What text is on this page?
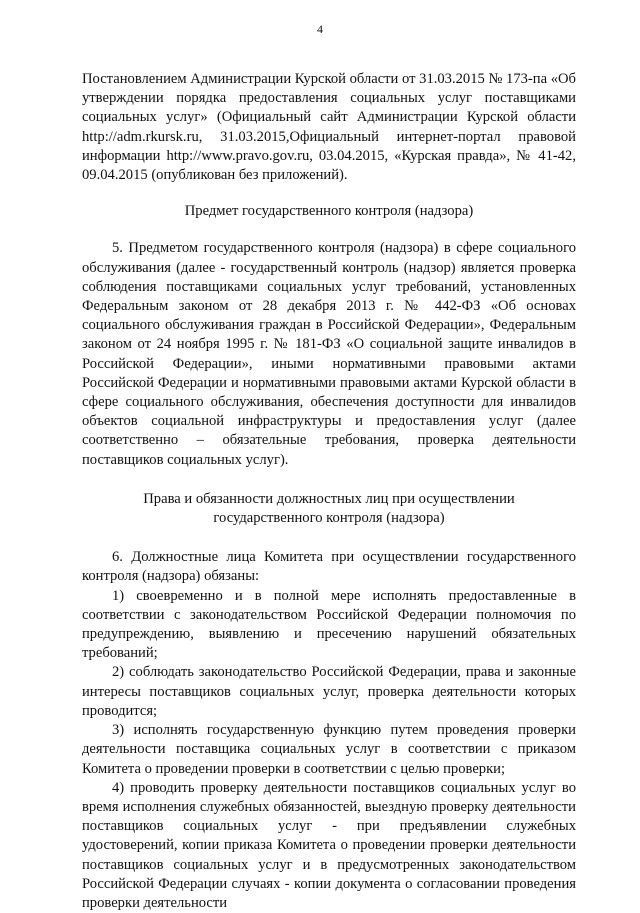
4

Постановлением Администрации Курской области от 31.03.2015 № 173-па «Об утверждении порядка предоставления социальных услуг поставщиками социальных услуг» (Официальный сайт Администрации Курской области http://adm.rkursk.ru, 31.03.2015,Официальный интернет-портал правовой информации http://www.pravo.gov.ru, 03.04.2015, «Курская правда», № 41-42, 09.04.2015 (опубликован без приложений).

Предмет государственного контроля (надзора)

5. Предметом государственного контроля (надзора) в сфере социального обслуживания (далее - государственный контроль (надзор) является проверка соблюдения поставщиками социальных услуг требований, установленных Федеральным законом от 28 декабря 2013 г. № 442-ФЗ «Об основах социального обслуживания граждан в Российской Федерации», Федеральным законом от 24 ноября 1995 г. № 181-ФЗ «О социальной защите инвалидов в Российской Федерации», иными нормативными правовыми актами Российской Федерации и нормативными правовыми актами Курской области в сфере социального обслуживания, обеспечения доступности для инвалидов объектов социальной инфраструктуры и предоставления услуг (далее соответственно – обязательные требования, проверка деятельности поставщиков социальных услуг).

Права и обязанности должностных лиц при осуществлении
государственного контроля (надзора)

6. Должностные лица Комитета при осуществлении государственного контроля (надзора) обязаны:

1) своевременно и в полной мере исполнять предоставленные в соответствии с законодательством Российской Федерации полномочия по предупреждению, выявлению и пресечению нарушений обязательных требований;

2) соблюдать законодательство Российской Федерации, права и законные интересы поставщиков социальных услуг, проверка деятельности которых проводится;

3) исполнять государственную функцию путем проведения проверки деятельности поставщика социальных услуг в соответствии с приказом Комитета о проведении проверки в соответствии с целью проверки;

4) проводить проверку деятельности поставщиков социальных услуг во время исполнения служебных обязанностей, выездную проверку деятельности поставщиков социальных услуг - при предъявлении служебных удостоверений, копии приказа Комитета о проведении проверки деятельности поставщиков социальных услуг и в предусмотренных законодательством Российской Федерации случаях - копии документа о согласовании проведения проверки деятельности
